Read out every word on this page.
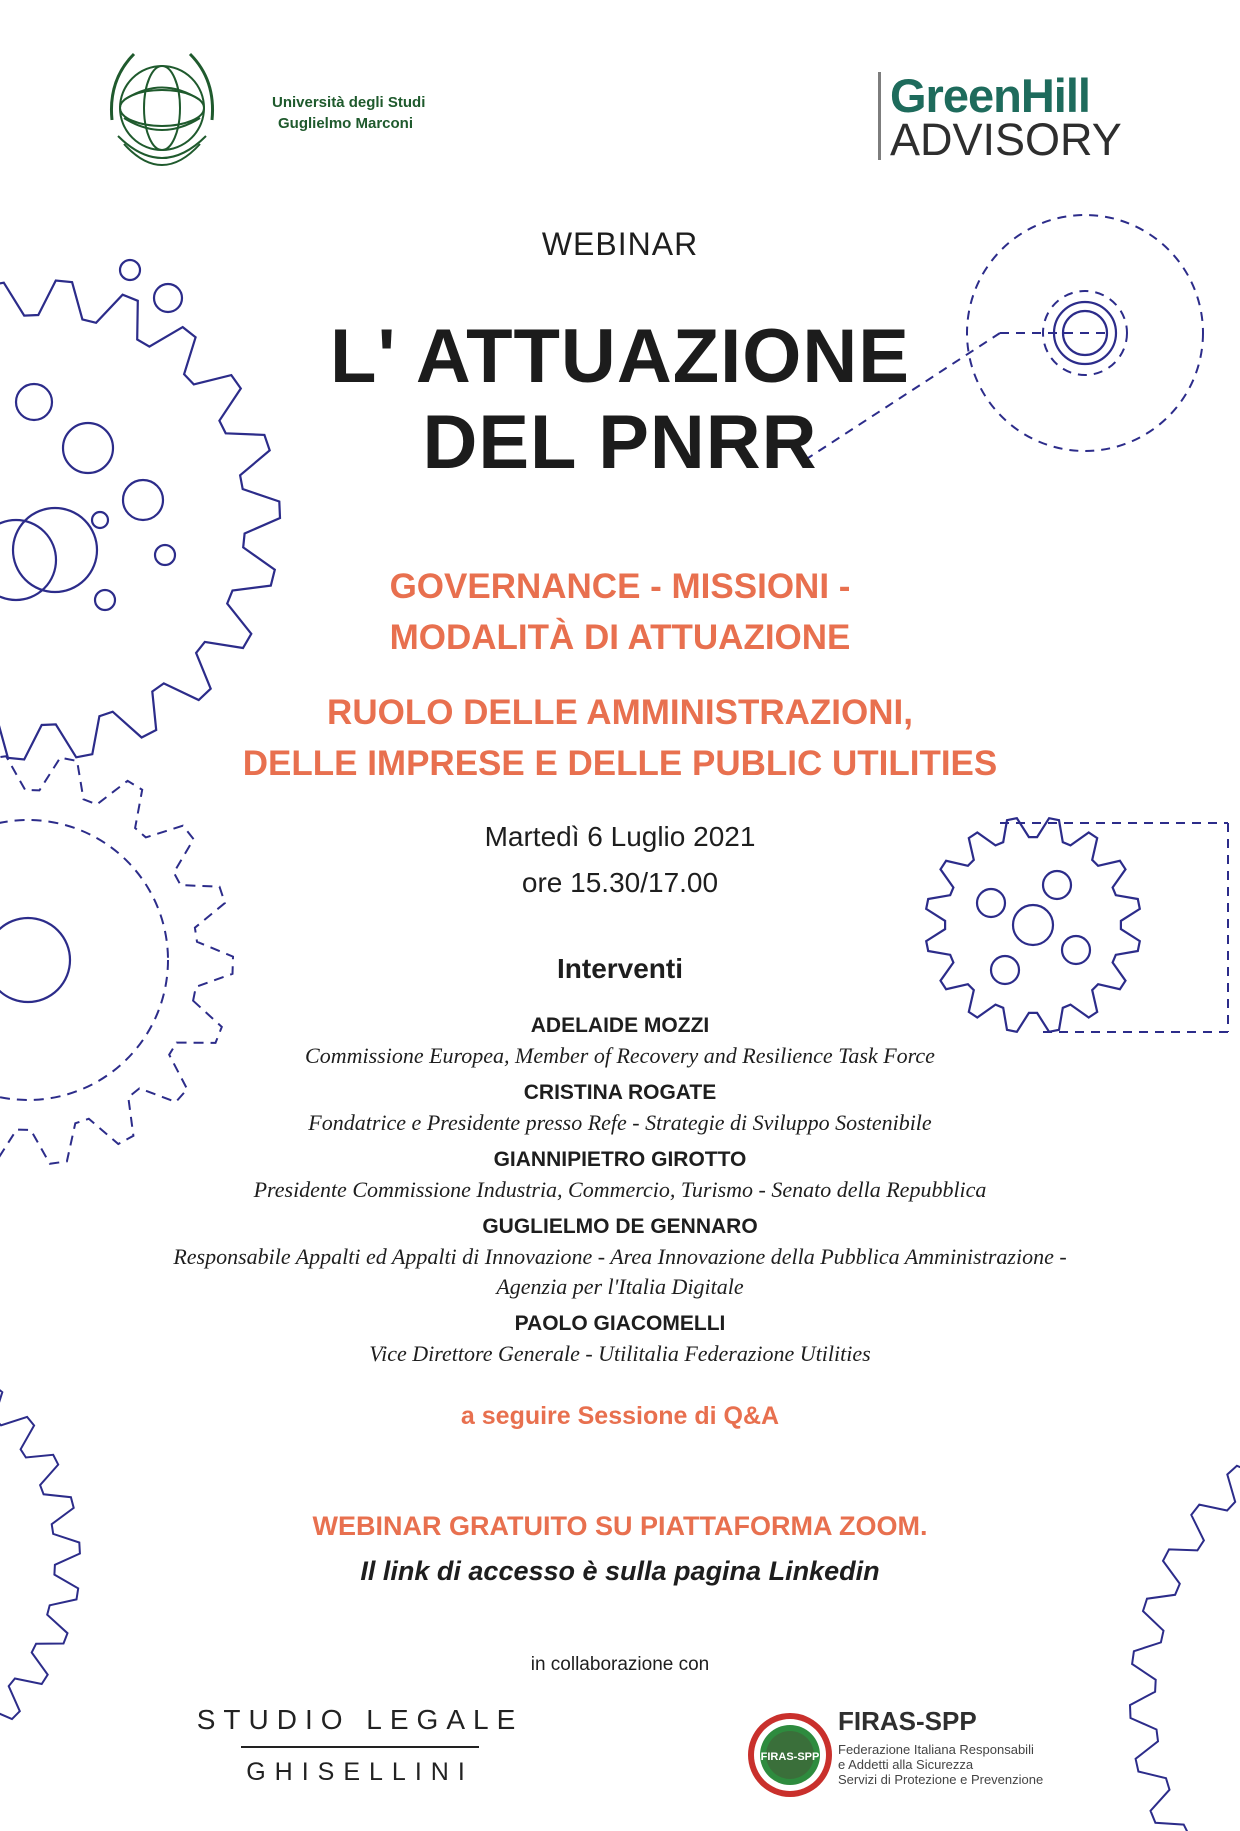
Università degli Studi
Guglielmo Marconi
GreenHill
ADVISORY
WEBINAR
L' ATTUAZIONE
DEL PNRR
GOVERNANCE - MISSIONI -
MODALITÀ DI ATTUAZIONE
RUOLO DELLE AMMINISTRAZIONI,
DELLE IMPRESE E DELLE PUBLIC UTILITIES
Martedì 6 Luglio 2021
ore 15.30/17.00
Interventi
ADELAIDE MOZZI
Commissione Europea, Member of Recovery and Resilience Task Force
CRISTINA ROGATE
Fondatrice e Presidente presso Refe - Strategie di Sviluppo Sostenibile
GIANNIPIETRO GIROTTO
Presidente Commissione Industria, Commercio, Turismo - Senato della Repubblica
GUGLIELMO DE GENNARO
Responsabile Appalti ed Appalti di Innovazione - Area Innovazione della Pubblica Amministrazione -
Agenzia per l'Italia Digitale
PAOLO GIACOMELLI
Vice Direttore Generale - Utilitalia Federazione Utilities
a seguire Sessione di Q&A
WEBINAR GRATUITO SU PIATTAFORMA ZOOM.
Il link di accesso è sulla pagina Linkedin
in collaborazione con
STUDIO LEGALE
GHISELLINI
FIRAS-SPP
FIRAS-SPP
Federazione Italiana Responsabili
e Addetti alla Sicurezza
Servizi di Protezione e Prevenzione
